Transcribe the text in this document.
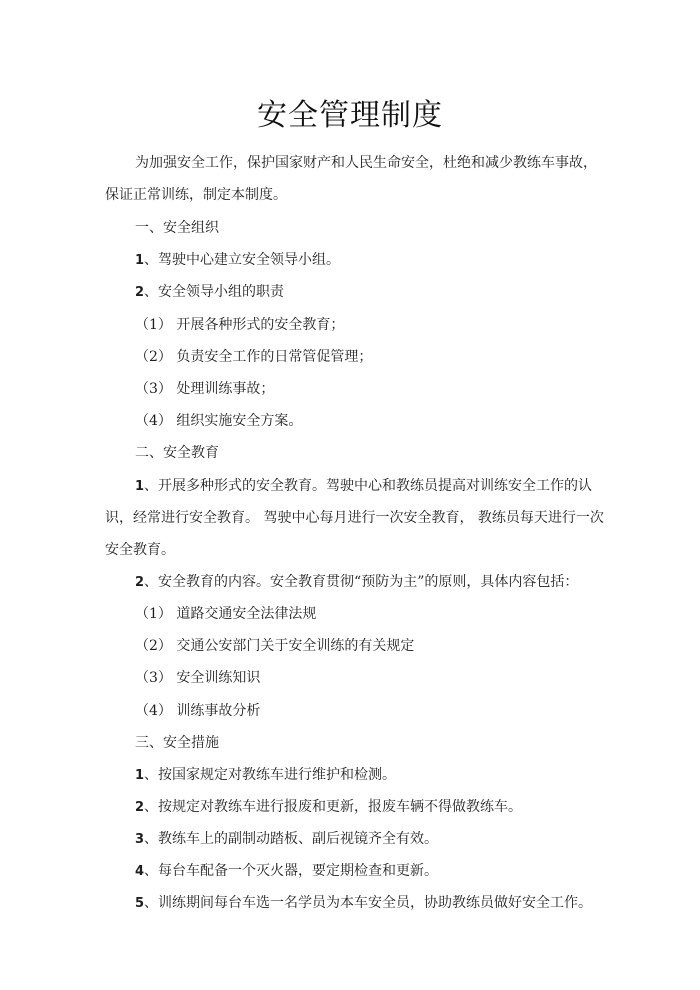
安全管理制度
为加强安全工作，保护国家财产和人民生命安全，杜绝和减少教练车事故，
保证正常训练，制定本制度。
一、安全组织
1、驾驶中心建立安全领导小组。
2、安全领导小组的职责
（1） 开展各种形式的安全教育；
（2） 负责安全工作的日常管促管理；
（3） 处理训练事故；
（4） 组织实施安全方案。
二、安全教育
1、开展多种形式的安全教育。驾驶中心和教练员提高对训练安全工作的认
识，经常进行安全教育。 驾驶中心每月进行一次安全教育， 教练员每天进行一次
安全教育。
2、安全教育的内容。安全教育贯彻“预防为主”的原则，具体内容包括：
（1） 道路交通安全法律法规
（2） 交通公安部门关于安全训练的有关规定
（3） 安全训练知识
（4） 训练事故分析
三、安全措施
1、按国家规定对教练车进行维护和检测。
2、按规定对教练车进行报废和更新，报废车辆不得做教练车。
3、教练车上的副制动踏板、副后视镜齐全有效。
4、每台车配备一个灭火器，要定期检查和更新。
5、训练期间每台车选一名学员为本车安全员，协助教练员做好安全工作。
